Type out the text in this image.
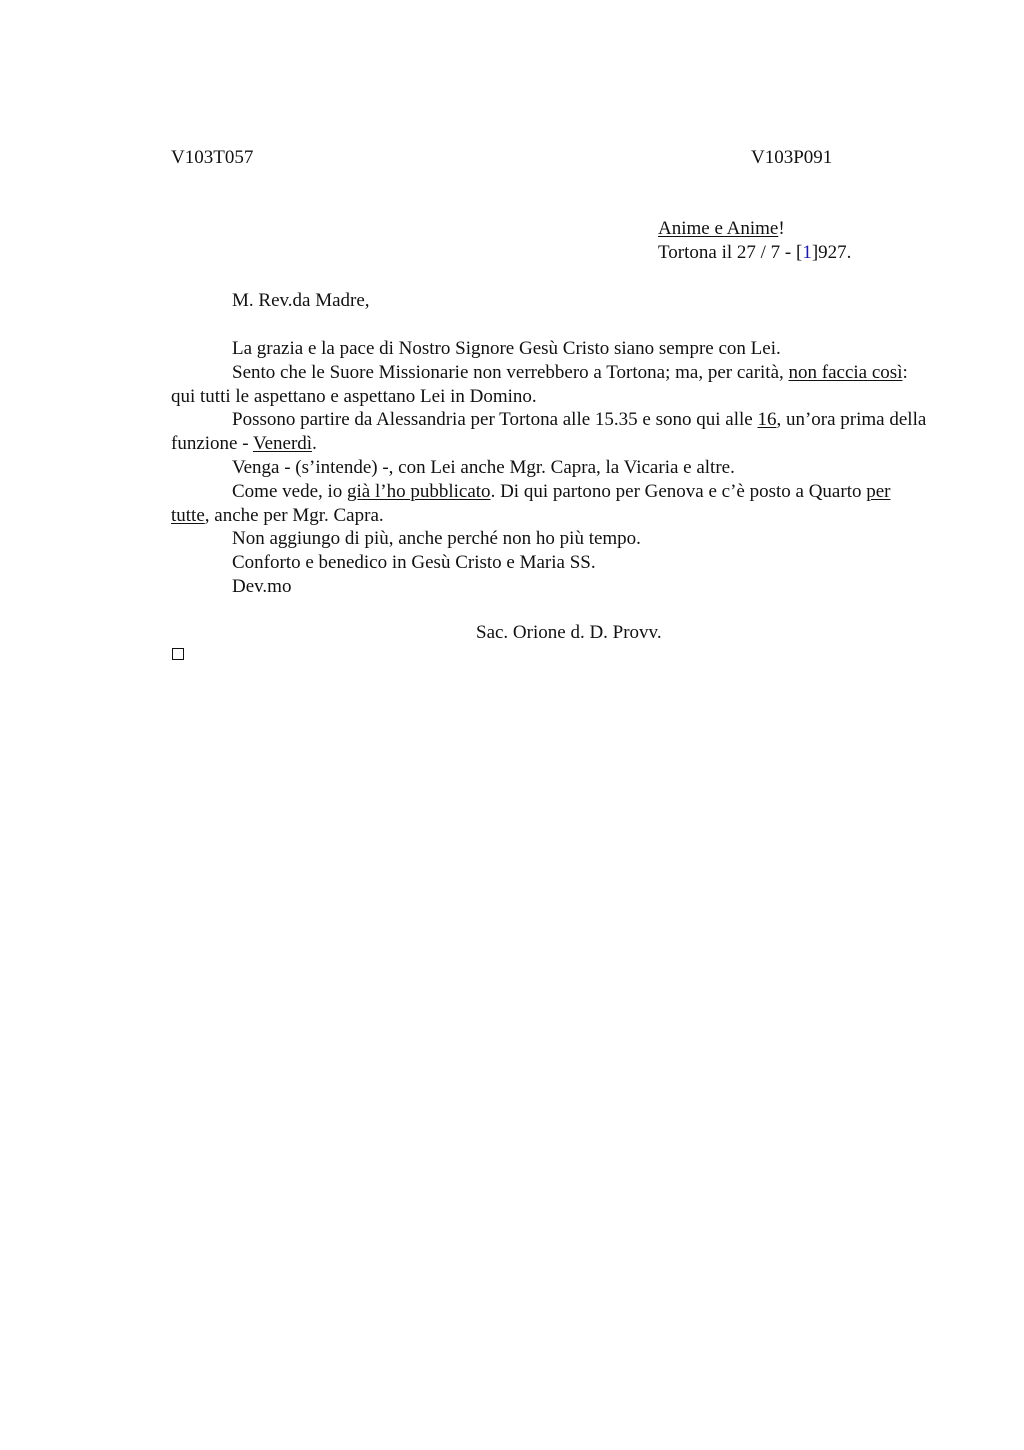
V103T057	V103P091
Anime e Anime!
Tortona il 27 / 7 - [1]927.
M. Rev.da Madre,

La grazia e la pace di Nostro Signore Gesù Cristo siano sempre con Lei.

Sento che le Suore Missionarie non verrebbero a Tortona; ma, per carità, non faccia così: qui tutti le aspettano e aspettano Lei in Domino.

Possono partire da Alessandria per Tortona alle 15.35 e sono qui alle 16, un’ora prima della funzione - Venerdì.

Venga - (s’intende) -, con Lei anche Mgr. Capra, la Vicaria e altre.

Come vede, io già l’ho pubblicato. Di qui partono per Genova e c’è posto a Quarto per tutte, anche per Mgr. Capra.

Non aggiungo di più, anche perché non ho più tempo.

Conforto e benedico in Gesù Cristo e Maria SS.

Dev.mo

Sac. Orione d. D. Provv.
